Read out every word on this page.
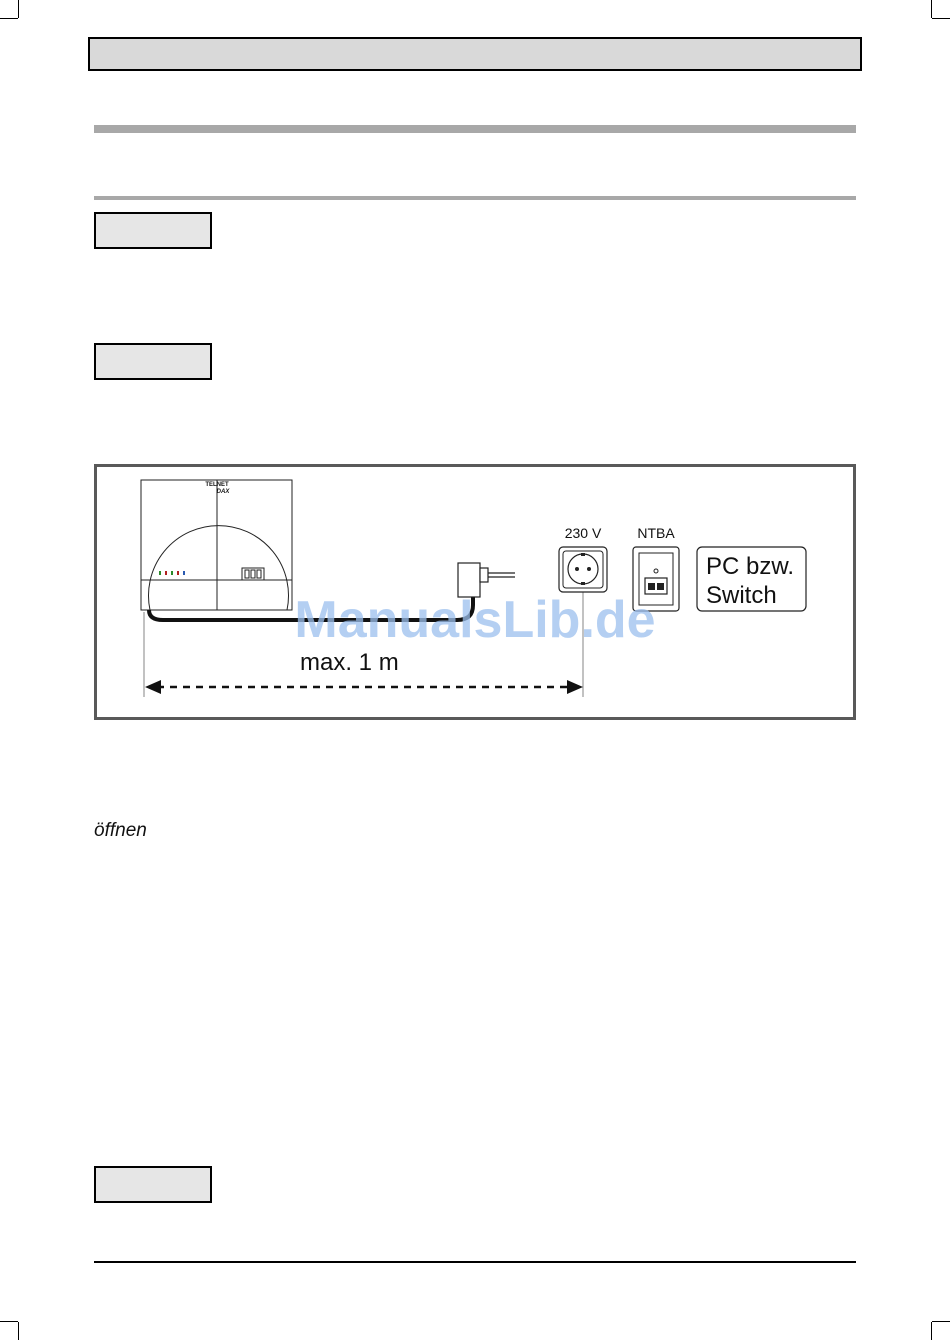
TELNET
DAX
max. 1 m
230 V	NTBA
PC bzw.
Switch
ManualsLib.de
öffnen
